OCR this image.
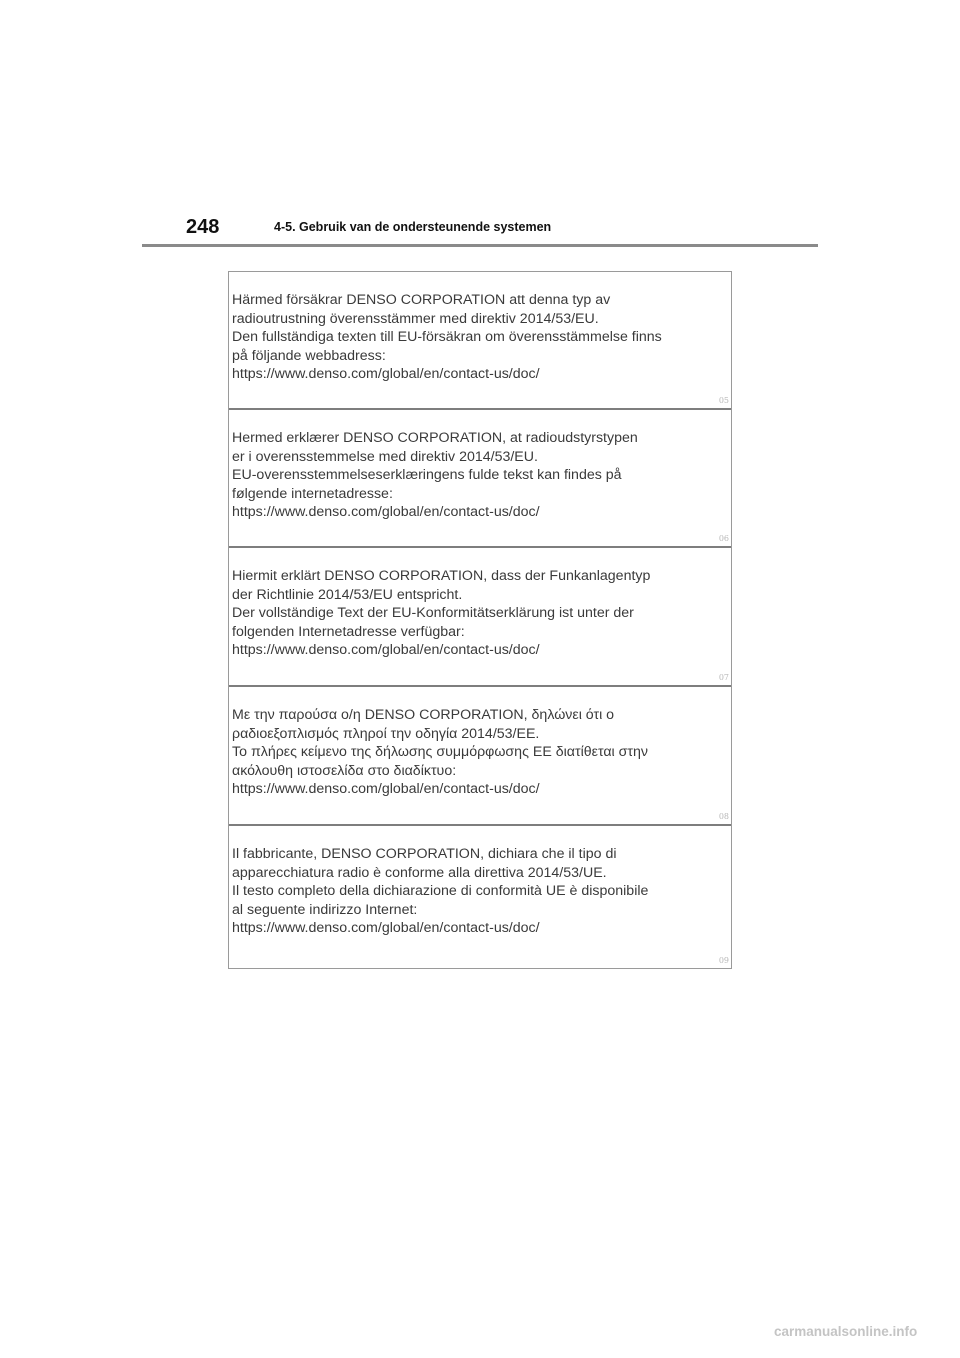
248	4-5. Gebruik van de ondersteunende systemen
Härmed försäkrar DENSO CORPORATION att denna typ av
radioutrustning överensstämmer med direktiv 2014/53/EU.
Den fullständiga texten till EU-försäkran om överensstämmelse finns
på följande webbadress:
https://www.denso.com/global/en/contact-us/doc/
05
Hermed erklærer DENSO CORPORATION, at radioudstyrstypen
er i overensstemmelse med direktiv 2014/53/EU.
EU-overensstemmelseserklæringens fulde tekst kan findes på
følgende internetadresse:
https://www.denso.com/global/en/contact-us/doc/
06
Hiermit erklärt DENSO CORPORATION, dass der Funkanlagentyp
der Richtlinie 2014/53/EU entspricht.
Der vollständige Text der EU-Konformitätserklärung ist unter der
folgenden Internetadresse verfügbar:
https://www.denso.com/global/en/contact-us/doc/
07
Με την παρούσα ο/η DENSO CORPORATION, δηλώνει ότι ο
ραδιοεξοπλισμός πληροί την οδηγία 2014/53/ΕΕ.
Το πλήρες κείμενο της δήλωσης συμμόρφωσης ΕΕ διατίθεται στην
ακόλουθη ιστοσελίδα στο διαδίκτυο:
https://www.denso.com/global/en/contact-us/doc/
08
Il fabbricante, DENSO CORPORATION, dichiara che il tipo di
apparecchiatura radio è conforme alla direttiva 2014/53/UE.
Il testo completo della dichiarazione di conformità UE è disponibile
al seguente indirizzo Internet:
https://www.denso.com/global/en/contact-us/doc/
09
carmanualsonline.info
